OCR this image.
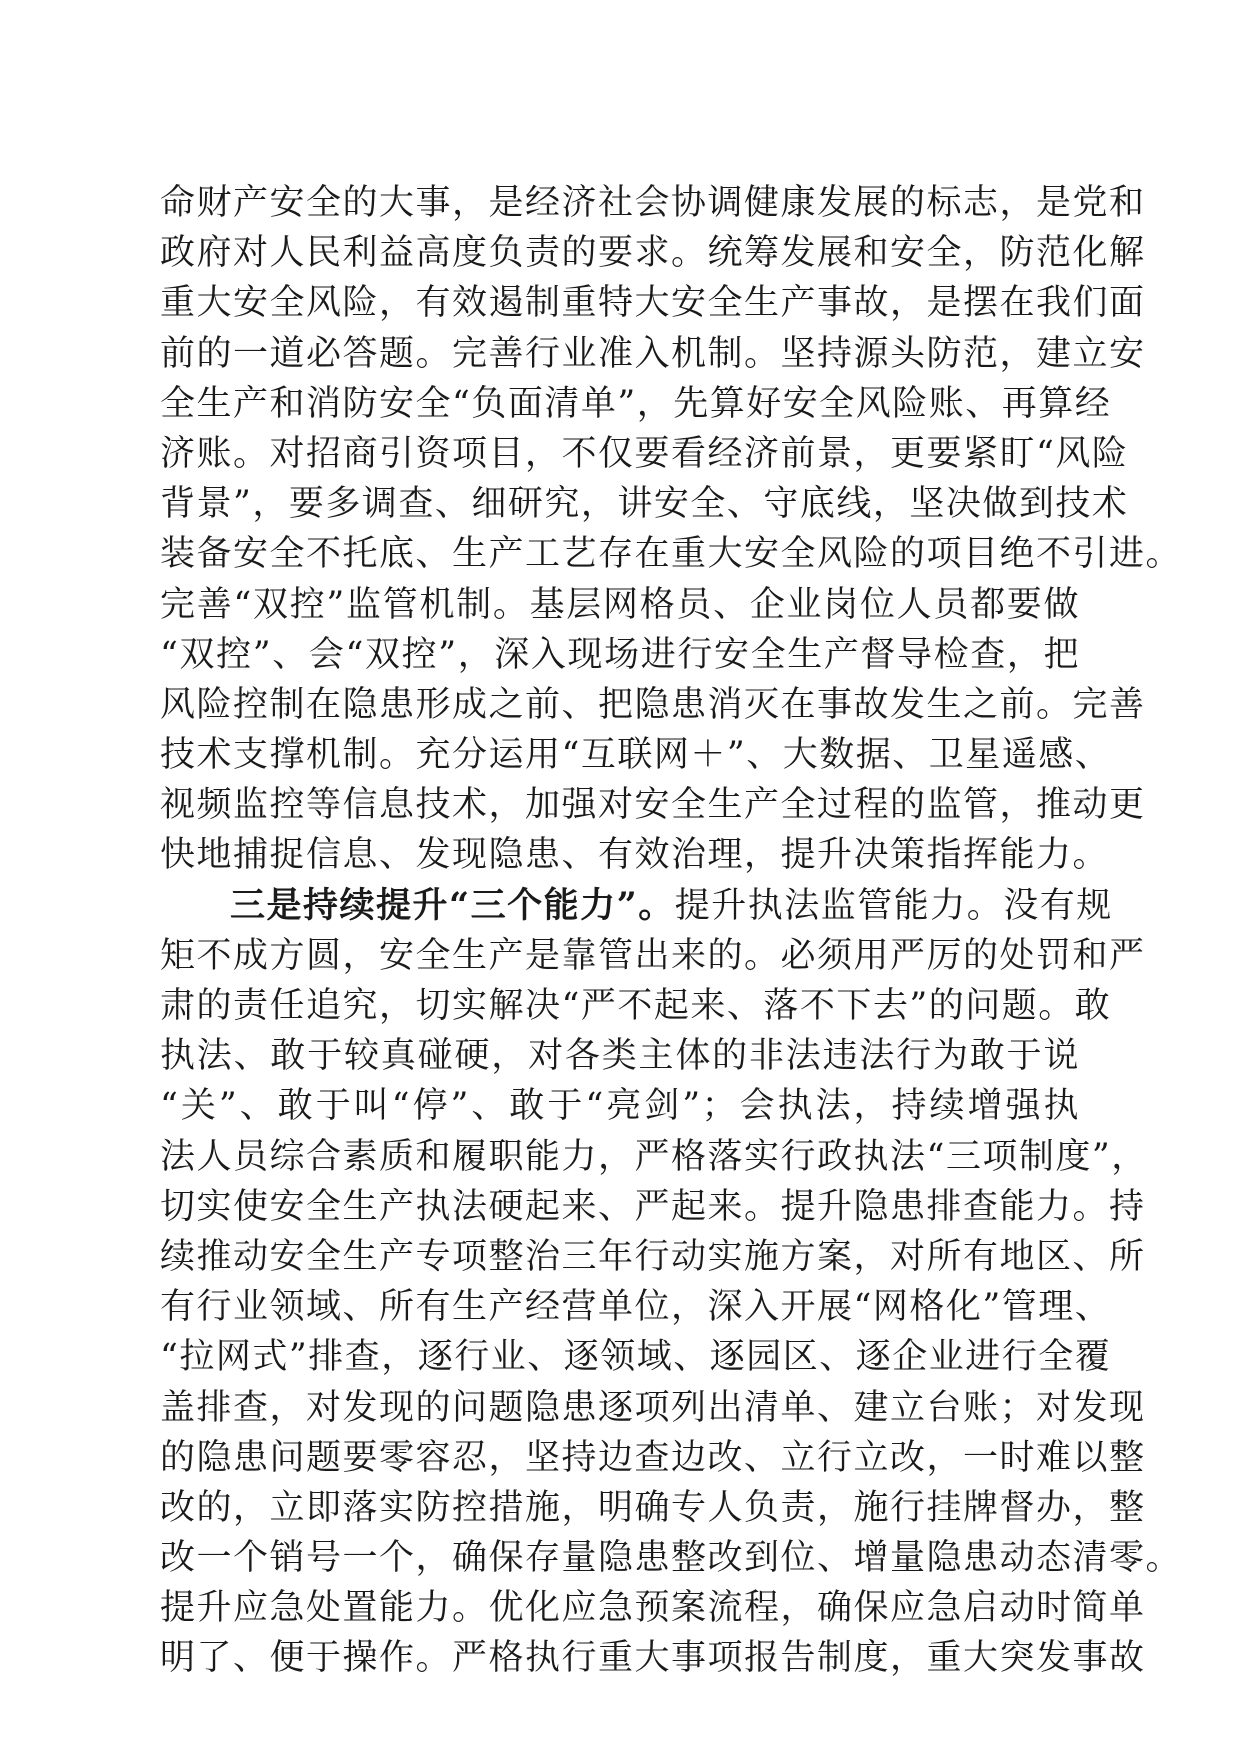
命财产安全的大事，是经济社会协调健康发展的标志，是党和
政府对人民利益高度负责的要求。统筹发展和安全，防范化解
重大安全风险，有效遏制重特大安全生产事故，是摆在我们面
前的一道必答题。完善行业准入机制。坚持源头防范，建立安
全生产和消防安全“负面清单”，先算好安全风险账、再算经
济账。对招商引资项目，不仅要看经济前景，更要紧盯“风险
背景”，要多调查、细研究，讲安全、守底线，坚决做到技术
装备安全不托底、生产工艺存在重大安全风险的项目绝不引进。
完善“双控”监管机制。基层网格员、企业岗位人员都要做
“双控”、会“双控”，深入现场进行安全生产督导检查，把
风险控制在隐患形成之前、把隐患消灭在事故发生之前。完善
技术支撑机制。充分运用“互联网＋”、大数据、卫星遥感、
视频监控等信息技术，加强对安全生产全过程的监管，推动更
快地捕捉信息、发现隐患、有效治理，提升决策指挥能力。
三是持续提升“三个能力”。提升执法监管能力。没有规
矩不成方圆，安全生产是靠管出来的。必须用严厉的处罚和严
肃的责任追究，切实解决“严不起来、落不下去”的问题。敢
执法、敢于较真碰硬，对各类主体的非法违法行为敢于说
“关”、敢于叫“停”、敢于“亮剑”；会执法，持续增强执
法人员综合素质和履职能力，严格落实行政执法“三项制度”，
切实使安全生产执法硬起来、严起来。提升隐患排查能力。持
续推动安全生产专项整治三年行动实施方案，对所有地区、所
有行业领域、所有生产经营单位，深入开展“网格化”管理、
“拉网式”排查，逐行业、逐领域、逐园区、逐企业进行全覆
盖排查，对发现的问题隐患逐项列出清单、建立台账；对发现
的隐患问题要零容忍，坚持边查边改、立行立改，一时难以整
改的，立即落实防控措施，明确专人负责，施行挂牌督办，整
改一个销号一个，确保存量隐患整改到位、增量隐患动态清零。
提升应急处置能力。优化应急预案流程，确保应急启动时简单
明了、便于操作。严格执行重大事项报告制度，重大突发事故
